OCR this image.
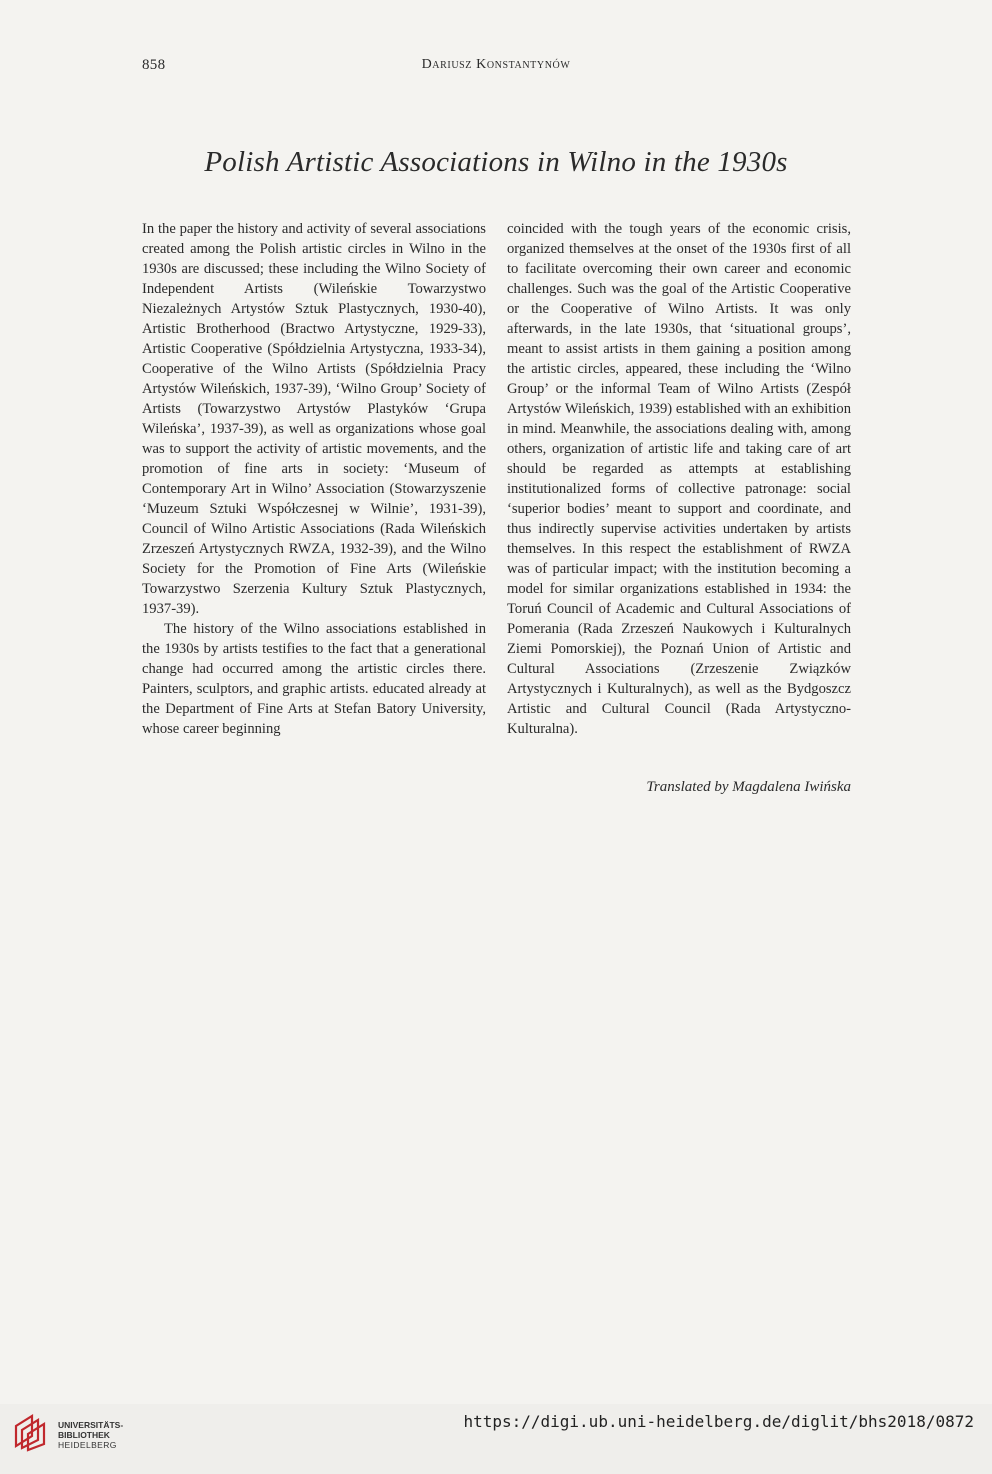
858	Dariusz Konstantynów
Polish Artistic Associations in Wilno in the 1930s

In the paper the history and activity of several associations created among the Polish artistic circles in Wilno in the 1930s are discussed; these including the Wilno Society of Independent Artists (Wileńskie Towarzystwo Niezależnych Artystów Sztuk Plastycznych, 1930-40), Artistic Brotherhood (Bractwo Artystyczne, 1929-33), Artistic Cooperative (Spółdzielnia Artystyczna, 1933-34), Cooperative of the Wilno Artists (Spółdzielnia Pracy Artystów Wileńskich, 1937-39), ‘Wilno Group’ Society of Artists (Towarzystwo Artystów Plastyków ‘Grupa Wileńska’, 1937-39), as well as organizations whose goal was to support the activity of artistic movements, and the promotion of fine arts in society: ‘Museum of Contemporary Art in Wilno’ Association (Stowarzyszenie ‘Muzeum Sztuki Współczesnej w Wilnie’, 1931-39), Council of Wilno Artistic Associations (Rada Wileńskich Zrzeszeń Artystycznych RWZA, 1932-39), and the Wilno Society for the Promotion of Fine Arts (Wileńskie Towarzystwo Szerzenia Kultury Sztuk Plastycznych, 1937-39).

The history of the Wilno associations established in the 1930s by artists testifies to the fact that a generational change had occurred among the artistic circles there. Painters, sculptors, and graphic artists. educated already at the Department of Fine Arts at Stefan Batory University, whose career beginning

coincided with the tough years of the economic crisis, organized themselves at the onset of the 1930s first of all to facilitate overcoming their own career and economic challenges. Such was the goal of the Artistic Cooperative or the Cooperative of Wilno Artists. It was only afterwards, in the late 1930s, that ‘situational groups’, meant to assist artists in them gaining a position among the artistic circles, appeared, these including the ‘Wilno Group’ or the informal Team of Wilno Artists (Zespół Artystów Wileńskich, 1939) established with an exhibition in mind. Meanwhile, the associations dealing with, among others, organization of artistic life and taking care of art should be regarded as attempts at establishing institutionalized forms of collective patronage: social ‘superior bodies’ meant to support and coordinate, and thus indirectly supervise activities undertaken by artists themselves. In this respect the establishment of RWZA was of particular impact; with the institution becoming a model for similar organizations established in 1934: the Toruń Council of Academic and Cultural Associations of Pomerania (Rada Zrzeszeń Naukowych i Kulturalnych Ziemi Pomorskiej), the Poznań Union of Artistic and Cultural Associations (Zrzeszenie Związków Artystycznych i Kulturalnych), as well as the Bydgoszcz Artistic and Cultural Council (Rada Artystyczno-Kulturalna).

Translated by Magdalena Iwińska
UNIVERSITÄTS-
BIBLIOTHEK
HEIDELBERG
https://digi.ub.uni-heidelberg.de/diglit/bhs2018/0872
